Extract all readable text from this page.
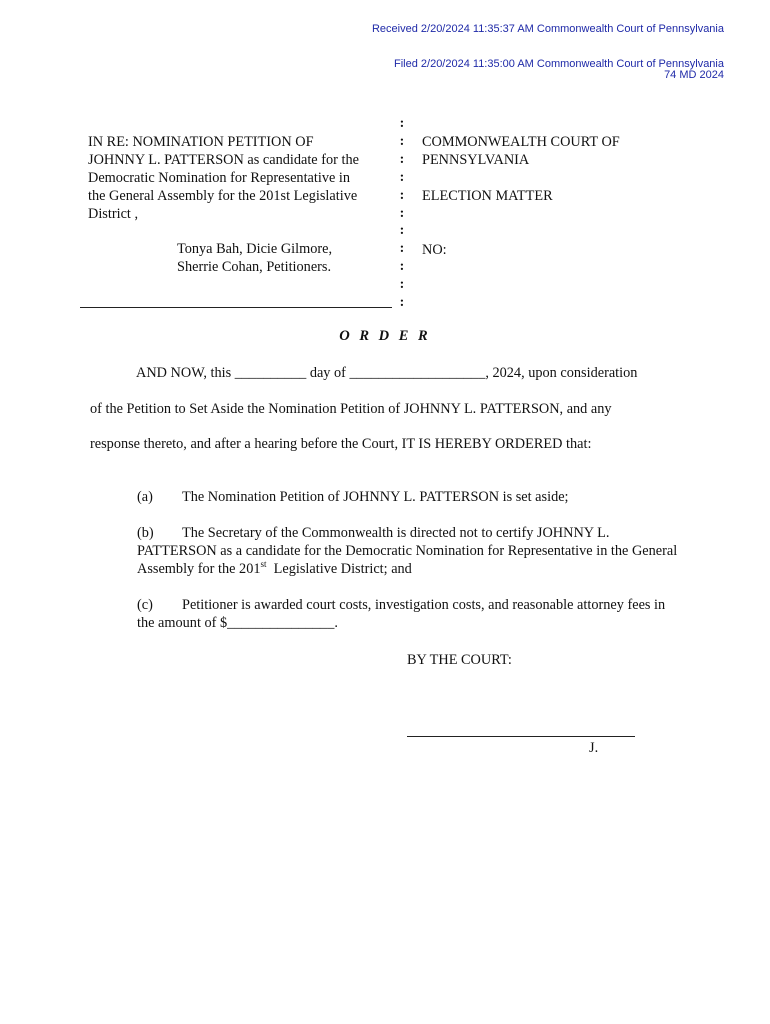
Received 2/20/2024 11:35:37 AM Commonwealth Court of Pennsylvania
Filed 2/20/2024 11:35:00 AM Commonwealth Court of Pennsylvania
74 MD 2024
IN RE: NOMINATION PETITION OF
JOHNNY L. PATTERSON as candidate for the
Democratic Nomination for Representative in
the General Assembly for the 201st Legislative
District ,
Tonya Bah, Dicie Gilmore,
Sherrie Cohan, Petitioners.
:
:
:
:
:
:
:
:
:
:
:
COMMONWEALTH COURT OF
PENNSYLVANIA
ELECTION MATTER
NO:
O R D E R
AND NOW, this __________ day of ___________________, 2024, upon consideration
of the Petition to Set Aside the Nomination Petition of JOHNNY L. PATTERSON, and any
response thereto, and after a hearing before the Court, IT IS HEREBY ORDERED that:
(a) The Nomination Petition of JOHNNY L. PATTERSON is set aside;
(b) The Secretary of the Commonwealth is directed not to certify JOHNNY L. PATTERSON as a candidate for the Democratic Nomination for Representative in the General Assembly for the 201st  Legislative District; and
(c) Petitioner is awarded court costs, investigation costs, and reasonable attorney fees in the amount of $_______________.
BY THE COURT:
J.
